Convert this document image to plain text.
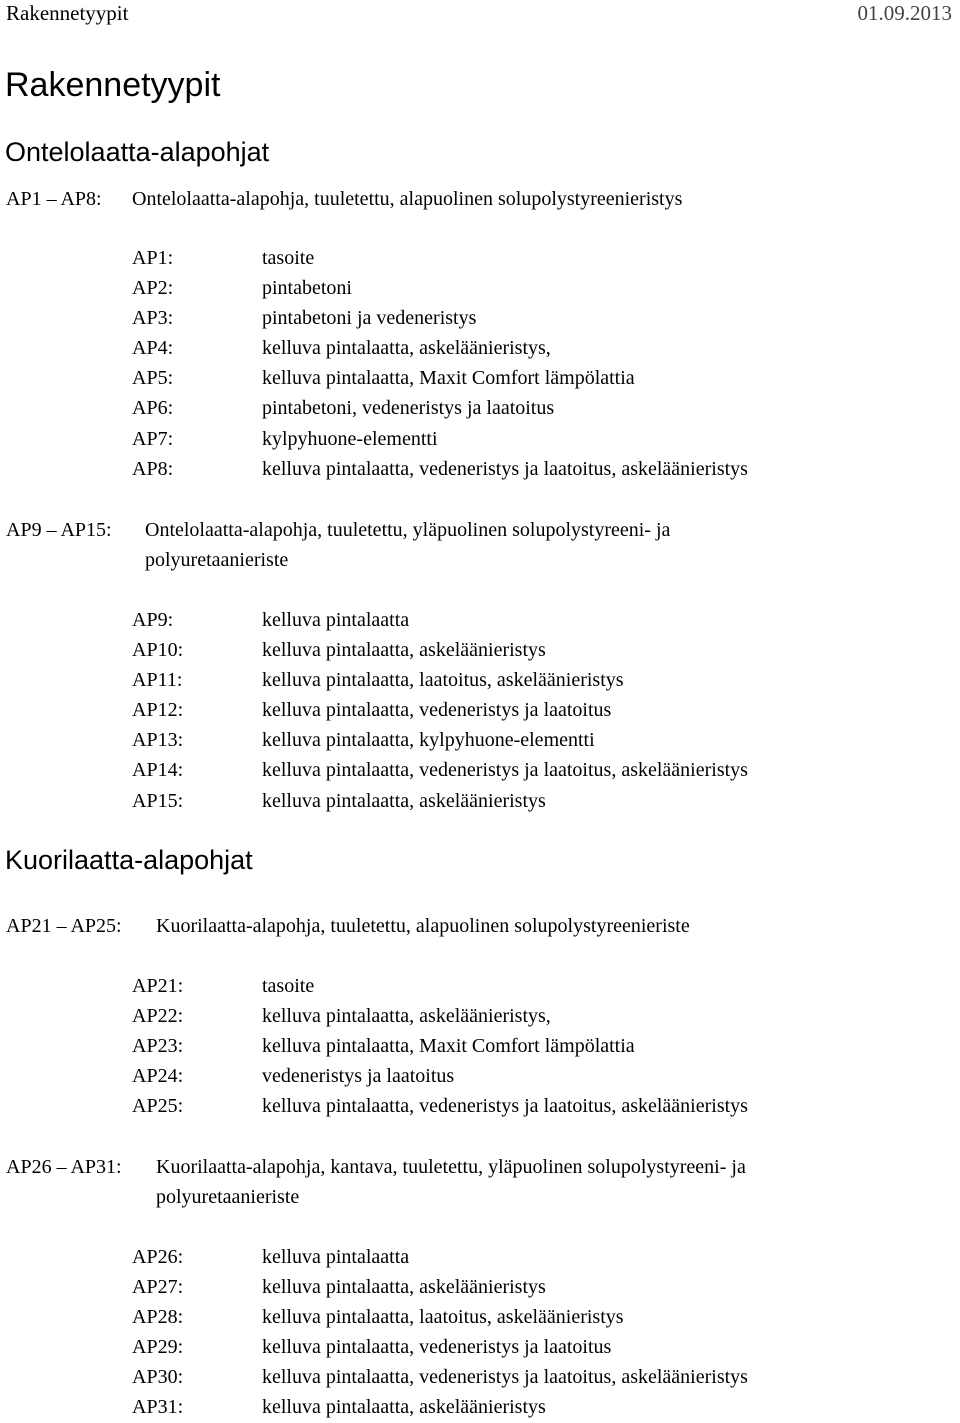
Rakennetyypit	01.09.2013
Rakennetyypit
Ontelolaatta-alapohjat
AP1 – AP8: Ontelolaatta-alapohja, tuuletettu, alapuolinen solupolystyreenieristys
AP1:	tasoite
AP2:	pintabetoni
AP3:	pintabetoni ja vedeneristys
AP4:	kelluva pintalaatta, askeläänieristys,
AP5:	kelluva pintalaatta, Maxit Comfort lämpölattia
AP6:	pintabetoni, vedeneristys ja laatoitus
AP7:	kylpyhuone-elementti
AP8:	kelluva pintalaatta, vedeneristys ja laatoitus, askeläänieristys
AP9 – AP15: Ontelolaatta-alapohja, tuuletettu, yläpuolinen solupolystyreeni- ja
polyuretaanieriste
AP9:	kelluva pintalaatta
AP10:	kelluva pintalaatta, askeläänieristys
AP11:	kelluva pintalaatta, laatoitus, askeläänieristys
AP12:	kelluva pintalaatta, vedeneristys ja laatoitus
AP13:	kelluva pintalaatta, kylpyhuone-elementti
AP14:	kelluva pintalaatta, vedeneristys ja laatoitus, askeläänieristys
AP15:	kelluva pintalaatta, askeläänieristys
Kuorilaatta-alapohjat
AP21 – AP25: Kuorilaatta-alapohja, tuuletettu, alapuolinen solupolystyreenieriste
AP21:	tasoite
AP22:	kelluva pintalaatta, askeläänieristys,
AP23:	kelluva pintalaatta, Maxit Comfort lämpölattia
AP24:	vedeneristys ja laatoitus
AP25:	kelluva pintalaatta, vedeneristys ja laatoitus, askeläänieristys
AP26 – AP31: Kuorilaatta-alapohja, kantava, tuuletettu, yläpuolinen solupolystyreeni- ja
polyuretaanieriste
AP26:	kelluva pintalaatta
AP27:	kelluva pintalaatta, askeläänieristys
AP28:	kelluva pintalaatta, laatoitus, askeläänieristys
AP29:	kelluva pintalaatta, vedeneristys ja laatoitus
AP30:	kelluva pintalaatta, vedeneristys ja laatoitus, askeläänieristys
AP31:	kelluva pintalaatta, askeläänieristys
